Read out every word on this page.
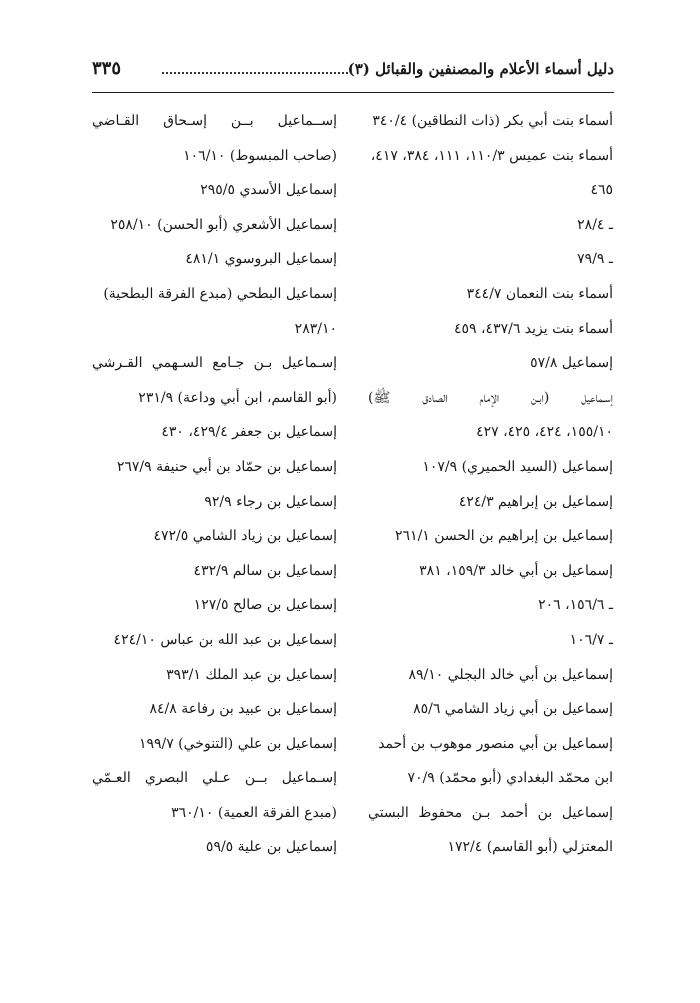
دليل أسماء الأعلام والمصنفين والقبائل (٣)
٣٣٥
أسماء بنت أبي بكر (ذات النطاقين) ٣٤٠/٤
أسماء بنت عميس ١١٠/٣، ١١١، ٣٨٤، ٤١٧،
٤٦٥
ـ ٢٨/٤
ـ ٧٩/٩
أسماء بنت النعمان ٣٤٤/٧
أسماء بنت يزيد ٤٣٧/٦، ٤٥٩
إسماعيل ٥٧/٨
إسـماعيل (ابـن الإمام الصادق ﷺ)
١٥٥/١٠، ٤٢٤، ٤٢٥، ٤٢٧
إسماعيل (السيد الحميري) ١٠٧/٩
إسماعيل بن إبراهيم ٤٢٤/٣
إسماعيل بن إبراهيم بن الحسن ٢٦١/١
إسماعيل بن أبي خالد ١٥٩/٣، ٣٨١
ـ ١٥٦/٦، ٢٠٦
ـ ١٠٦/٧
إسماعيل بن أبي خالد البجلي ٨٩/١٠
إسماعيل بن أبي زياد الشامي ٨٥/٦
إسماعيل بن أبي منصور موهوب بن أحمد
ابن محمّد البغدادي (أبو محمّد) ٧٠/٩
إسماعيل بن أحمد بـن محفوظ البستي
المعتزلي (أبو القاسم) ١٧٢/٤
إســماعيل بــن إسـحاق القـاضي
(صاحب المبسوط) ١٠٦/١٠
إسماعيل الأسدي ٢٩٥/٥
إسماعيل الأشعري (أبو الحسن) ٢٥٨/١٠
إسماعيل البروسوي ٤٨١/١
إسماعيل البطحي (مبدع الفرقة البطحية)
٢٨٣/١٠
إسـماعيل بـن جـامع السـهمي القـرشي
(أبو القاسم، ابن أبي وداعة) ٢٣١/٩
إسماعيل بن جعفر ٤٢٩/٤، ٤٣٠
إسماعيل بن حمّاد بن أبي حنيفة ٢٦٧/٩
إسماعيل بن رجاء ٩٢/٩
إسماعيل بن زياد الشامي ٤٧٢/٥
إسماعيل بن سالم ٤٣٢/٩
إسماعيل بن صالح ١٢٧/٥
إسماعيل بن عبد الله بن عباس ٤٢٤/١٠
إسماعيل بن عبد الملك ٣٩٣/١
إسماعيل بن عبيد بن رفاعة ٨٤/٨
إسماعيل بن علي (التنوخي) ١٩٩/٧
إسـماعيل بــن عـلي البصري العـمّي
(مبدع الفرقة العمية) ٣٦٠/١٠
إسماعيل بن علية ٥٩/٥
